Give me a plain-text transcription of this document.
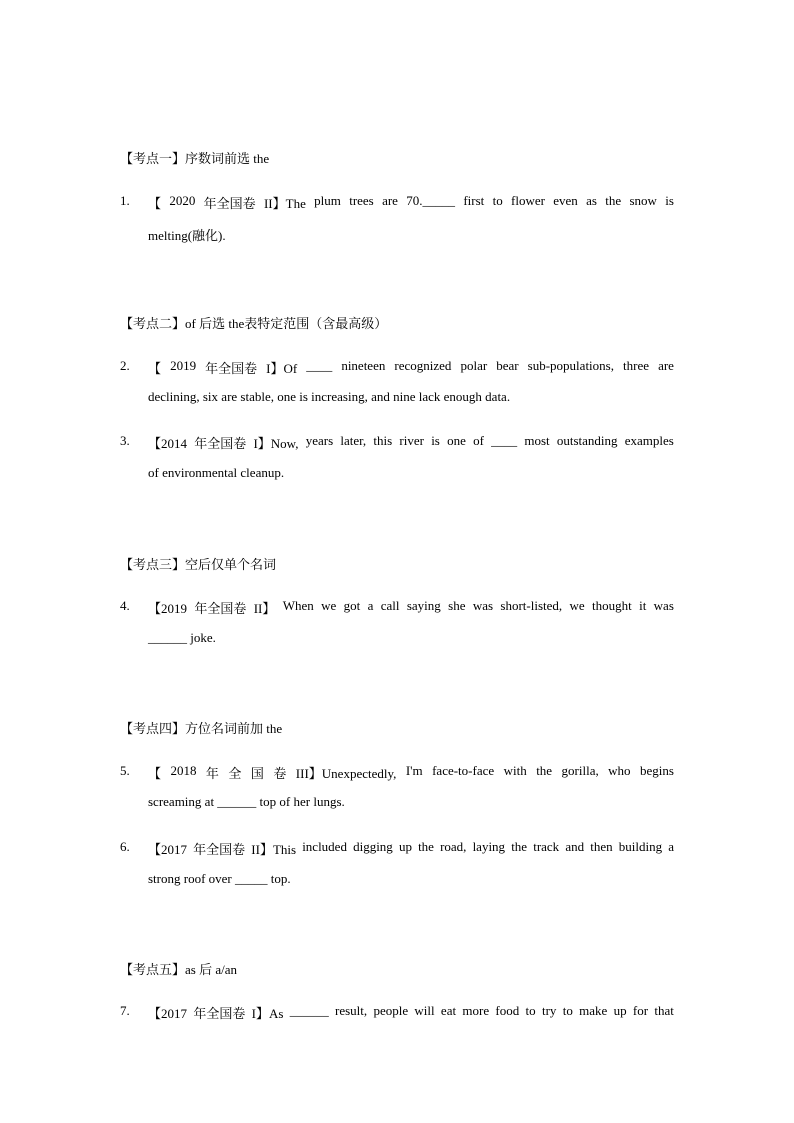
【考点一】序数词前选 the
1. 【 2020 年全国卷 II】The plum trees are 70._____ first to flower even as the snow is
melting(融化).
【考点二】of 后选 the表特定范围（含最高级）
2. 【 2019 年全国卷 I】Of ____ nineteen recognized polar bear sub-populations, three are
declining, six are stable, one is increasing, and nine lack enough data.
3. 【2014 年全国卷 I】Now, years later, this river is one of ____ most outstanding examples
of environmental cleanup.
【考点三】空后仅单个名词
4. 【2019 年全国卷 II】 When we got a call saying she was short-listed, we thought it was
______ joke.
【考点四】方位名词前加 the
5. 【 2018 年 全 国 卷 III】Unexpectedly, I'm face-to-face with the gorilla, who begins
screaming at ______ top of her lungs.
6. 【2017 年全国卷 II】This included digging up the road, laying the track and then building a
strong roof over _____ top.
【考点五】as 后 a/an
7. 【2017 年全国卷 I】As ______ result, people will eat more food to try to make up for that
